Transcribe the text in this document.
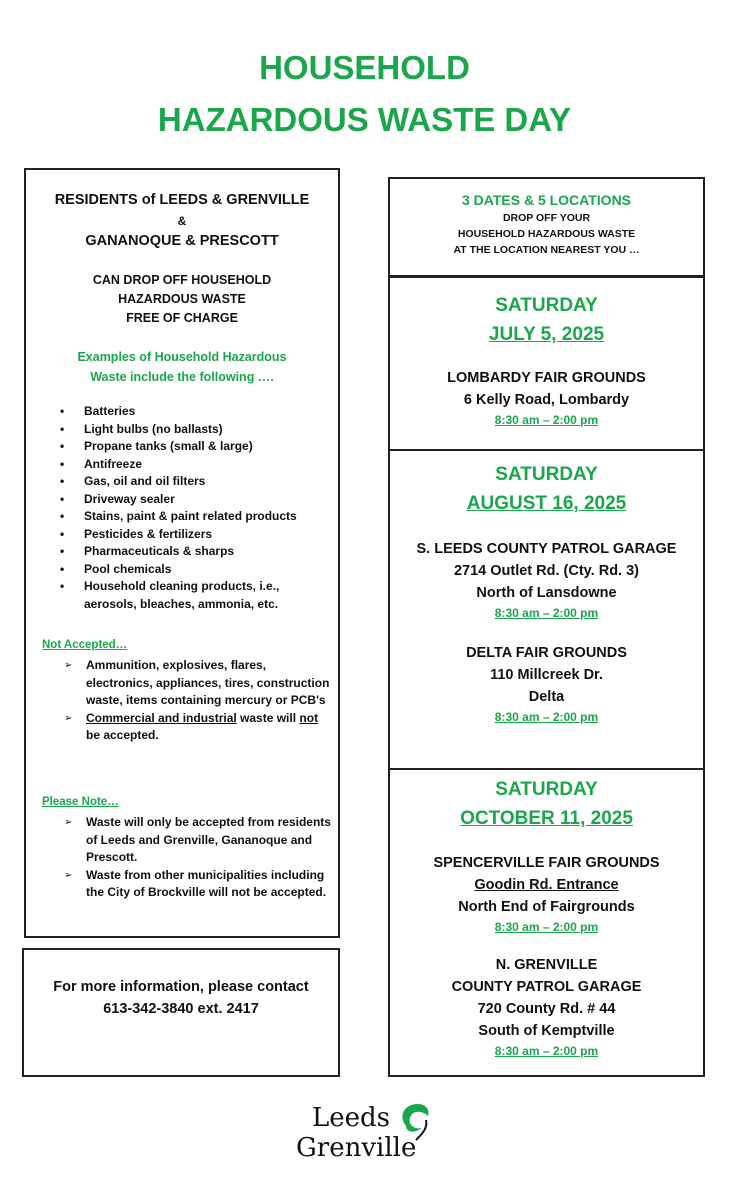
HOUSEHOLD
HAZARDOUS WASTE DAY
RESIDENTS of LEEDS & GRENVILLE
&
GANANOQUE & PRESCOTT
CAN DROP OFF HOUSEHOLD
HAZARDOUS WASTE
FREE OF CHARGE
Examples of Household Hazardous
Waste include the following ….
• Batteries
• Light bulbs (no ballasts)
• Propane tanks (small & large)
• Antifreeze
• Gas, oil and oil filters
• Driveway sealer
• Stains, paint & paint related products
• Pesticides & fertilizers
• Pharmaceuticals & sharps
• Pool chemicals
• Household cleaning products, i.e., aerosols, bleaches, ammonia, etc.
Not Accepted…
➢ Ammunition, explosives, flares, electronics, appliances, tires, construction waste, items containing mercury or PCB's
➢ Commercial and industrial waste will not be accepted.
Please Note…
➢ Waste will only be accepted from residents of Leeds and Grenville, Gananoque and Prescott.
➢ Waste from other municipalities including the City of Brockville will not be accepted.
For more information, please contact
613-342-3840 ext. 2417
3 DATES & 5 LOCATIONS
DROP OFF YOUR
HOUSEHOLD HAZARDOUS WASTE
AT THE LOCATION NEAREST YOU …
SATURDAY
JULY 5, 2025
LOMBARDY FAIR GROUNDS
6 Kelly Road, Lombardy
8:30 am – 2:00 pm
SATURDAY
AUGUST 16, 2025
S. LEEDS COUNTY PATROL GARAGE
2714 Outlet Rd. (Cty. Rd. 3)
North of Lansdowne
8:30 am – 2:00 pm
DELTA FAIR GROUNDS
110 Millcreek Dr.
Delta
8:30 am – 2:00 pm
SATURDAY
OCTOBER 11, 2025
SPENCERVILLE FAIR GROUNDS
Goodin Rd. Entrance
North End of Fairgrounds
8:30 am – 2:00 pm
N. GRENVILLE
COUNTY PATROL GARAGE
720 County Rd. # 44
South of Kemptville
8:30 am – 2:00 pm
Leeds
Grenville
